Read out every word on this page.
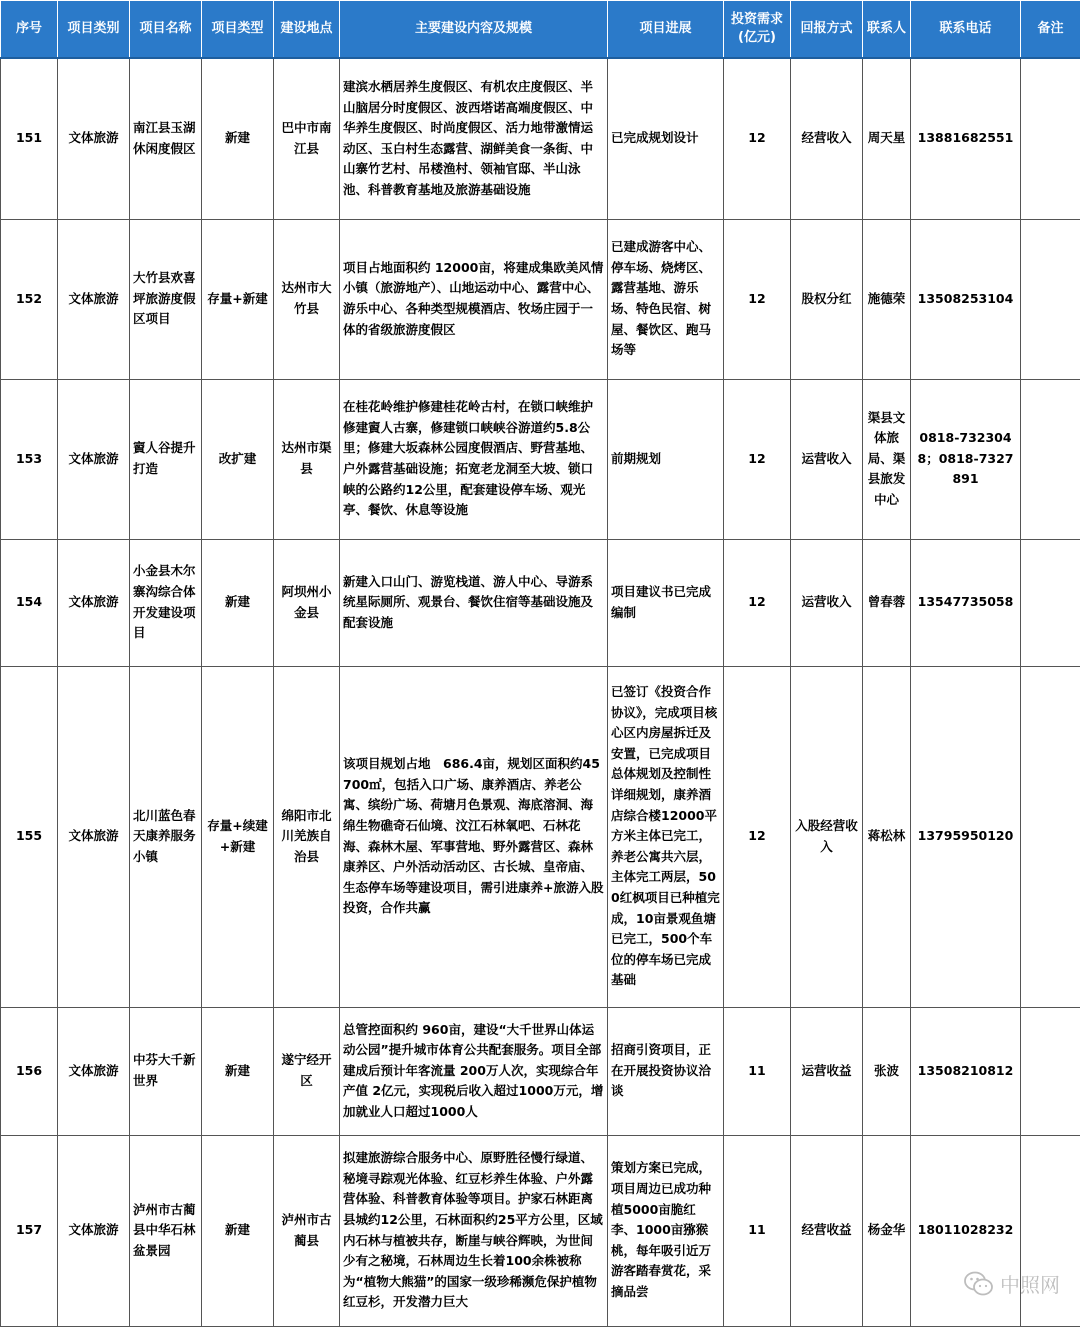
序号	项目类别	项目名称	项目类型	建设地点	主要建设内容及规模	项目进展	投资需求(亿元)	回报方式	联系人	联系电话	备注
151	文体旅游	南江县玉湖休闲度假区	新建	巴中市南江县	建滨水栖居养生度假区、有机农庄度假区、半山脑居分时度假区、波西塔诺高端度假区、中华养生度假区、时尚度假区、活力地带激情运动区、玉白村生态露营、湖鲜美食一条街、中山寨竹艺村、吊楼渔村、领袖官邸、半山泳池、科普教育基地及旅游基础设施	已完成规划设计	12	经营收入	周天星	13881682551	
152	文体旅游	大竹县欢喜坪旅游度假区项目	存量+新建	达州市大竹县	项目占地面积约 12000亩，将建成集欧美风情小镇（旅游地产）、山地运动中心、露营中心、游乐中心、各种类型规模酒店、牧场庄园于一体的省级旅游度假区	已建成游客中心、停车场、烧烤区、露营基地、游乐场、特色民宿、树屋、餐饮区、跑马场等	12	股权分红	施德荣	13508253104	
153	文体旅游	賨人谷提升打造	改扩建	达州市渠县	在桂花岭维护修建桂花岭古村，在锁口峡维护修建賨人古寨，修建锁口峡峡谷游道约5.8公里；修建大坂森林公园度假酒店、野营基地、户外露营基础设施；拓宽老龙洞至大坡、锁口峡的公路约12公里，配套建设停车场、观光亭、餐饮、休息等设施	前期规划	12	运营收入	渠县文体旅局、渠县旅发中心	0818-7323048；0818-7327891	
154	文体旅游	小金县木尔寨沟综合体开发建设项目	新建	阿坝州小金县	新建入口山门、游览栈道、游人中心、导游系统星际厕所、观景台、餐饮住宿等基础设施及配套设施	项目建议书已完成编制	12	运营收入	曾春蓉	13547735058	
155	文体旅游	北川蓝色春天康养服务小镇	存量+续建+新建	绵阳市北川羌族自治县	该项目规划占地　686.4亩，规划区面积约45700㎡，包括入口广场、康养酒店、养老公寓、缤纷广场、荷塘月色景观、海底溶洞、海绵生物礁奇石仙境、汶江石林氧吧、石林花海、森林木屋、军事营地、野外露营区、森林康养区、户外活动活动区、古长城、皇帝庙、生态停车场等建设项目，需引进康养+旅游入股投资，合作共赢	已签订《投资合作协议》，完成项目核心区内房屋拆迁及安置，已完成项目总体规划及控制性详细规划，康养酒店综合楼12000平方米主体已完工，养老公寓共六层，主体完工两层，500红枫项目已种植完成，10亩景观鱼塘已完工，500个车位的停车场已完成基础	12	入股经营收入	蒋松林	13795950120	
156	文体旅游	中芬大千新世界	新建	遂宁经开区	总管控面积约 960亩，建设“大千世界山体运动公园”提升城市体育公共配套服务。项目全部建成后预计年客流量 200万人次，实现综合年产值 2亿元，实现税后收入超过1000万元，增加就业人口超过1000人	招商引资项目，正在开展投资协议洽谈	11	运营收益	张波	13508210812	
157	文体旅游	泸州市古蔺县中华石林盆景园	新建	泸州市古蔺县	拟建旅游综合服务中心、原野胜径慢行绿道、秘境寻踪观光体验、红豆杉养生体验、户外露营体验、科普教育体验等项目。护家石林距离县城约12公里，石林面积约25平方公里，区域内石林与植被共存，断崖与峡谷辉映，为世间少有之秘境，石林周边生长着100余株被称为“植物大熊猫”的国家一级珍稀濒危保护植物红豆杉，开发潜力巨大	策划方案已完成，项目周边已成功种植5000亩脆红李、1000亩猕猴桃，每年吸引近万游客踏春赏花，采摘品尝	11	经营收益	杨金华	18011028232	
中照网
